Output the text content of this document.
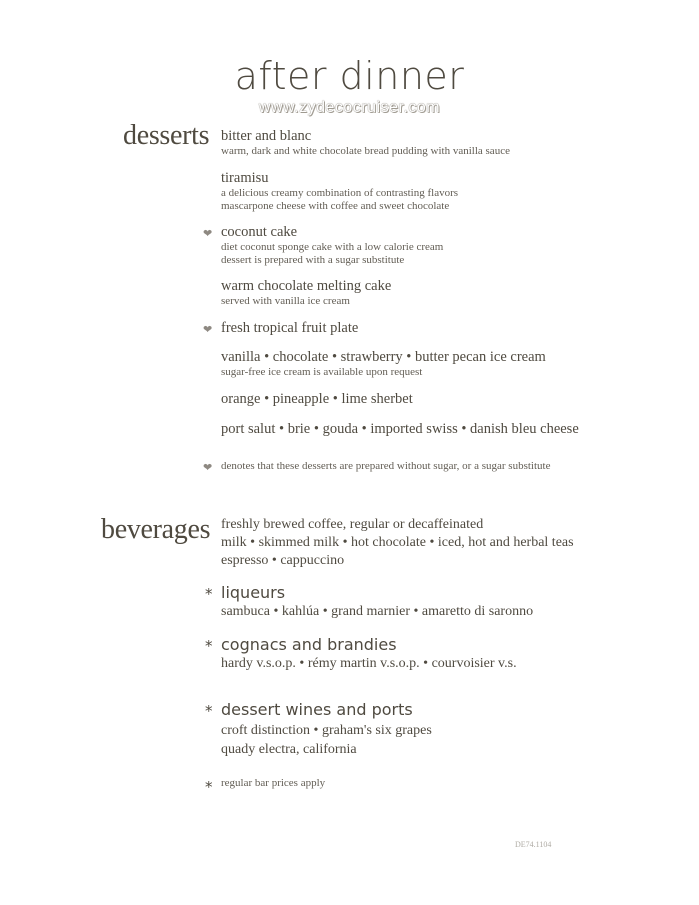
after dinner
www.zydecocruiser.com
desserts bitter and blanc
warm, dark and white chocolate bread pudding with vanilla sauce
tiramisu
a delicious creamy combination of contrasting flavors
mascarpone cheese with coffee and sweet chocolate
❤ coconut cake
diet coconut sponge cake with a low calorie cream
dessert is prepared with a sugar substitute
warm chocolate melting cake
served with vanilla ice cream
❤ fresh tropical fruit plate
vanilla • chocolate • strawberry • butter pecan ice cream
sugar-free ice cream is available upon request
orange • pineapple • lime sherbet
port salut • brie • gouda • imported swiss • danish bleu cheese
❤ denotes that these desserts are prepared without sugar, or a sugar substitute
beverages freshly brewed coffee, regular or decaffeinated
milk • skimmed milk • hot chocolate • iced, hot and herbal teas
espresso • cappuccino
* liqueurs
sambuca • kahlúa • grand marnier • amaretto di saronno
* cognacs and brandies
hardy v.s.o.p. • rémy martin v.s.o.p. • courvoisier v.s.
* dessert wines and ports
croft distinction • graham's six grapes
quady electra, california
* regular bar prices apply
DE74.1104
